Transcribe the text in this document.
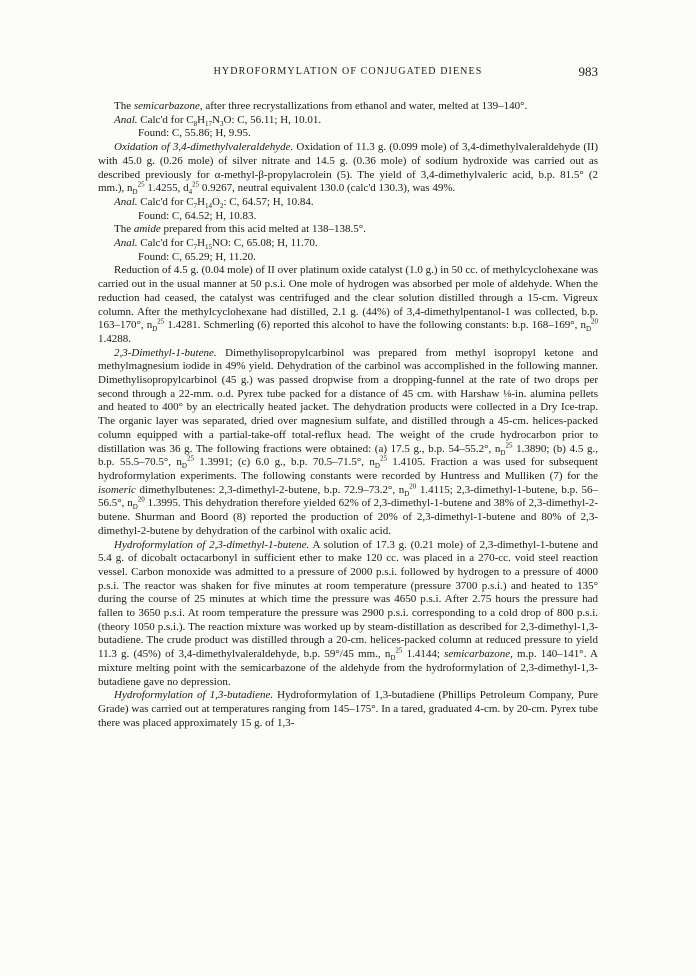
HYDROFORMYLATION OF CONJUGATED DIENES	983

The semicarbazone, after three recrystallizations from ethanol and water, melted at 139–140°.

Anal. Calc'd for $C_8H_{17}N_3O$: C, 56.11; H, 10.01.

Found: C, 55.86; H, 9.95.

Oxidation of 3,4-dimethylvaleraldehyde. Oxidation of 11.3 g. (0.099 mole) of 3,4-dimethylvaleraldehyde (II) with 45.0 g. (0.26 mole) of silver nitrate and 14.5 g. (0.36 mole) of sodium hydroxide was carried out as described previously for α-methyl-β-propylacrolein (5). The yield of 3,4-dimethylvaleric acid, b.p. 81.5° (2 mm.), $n_D^{25}$ 1.4255, $d_4^{25}$ 0.9267, neutral equivalent 130.0 (calc'd 130.3), was 49%.

Anal. Calc'd for $C_7H_{14}O_2$: C, 64.57; H, 10.84.

Found: C, 64.52; H, 10.83.

The amide prepared from this acid melted at 138–138.5°.

Anal. Calc'd for $C_7H_{15}NO$: C, 65.08; H, 11.70.

Found: C, 65.29; H, 11.20.

Reduction of 4.5 g. (0.04 mole) of II over platinum oxide catalyst (1.0 g.) in 50 cc. of methylcyclohexane was carried out in the usual manner at 50 p.s.i. One mole of hydrogen was absorbed per mole of aldehyde. When the reduction had ceased, the catalyst was centrifuged and the clear solution distilled through a 15-cm. Vigreux column. After the methylcyclohexane had distilled, 2.1 g. (44%) of 3,4-dimethylpentanol-1 was collected, b.p. 163–170°, $n_D^{25}$ 1.4281. Schmerling (6) reported this alcohol to have the following constants: b.p. 168–169°, $n_D^{20}$ 1.4288.

2,3-Dimethyl-1-butene. Dimethylisopropylcarbinol was prepared from methyl isopropyl ketone and methylmagnesium iodide in 49% yield. Dehydration of the carbinol was accomplished in the following manner. Dimethylisopropylcarbinol (45 g.) was passed dropwise from a dropping-funnel at the rate of two drops per second through a 22-mm. o.d. Pyrex tube packed for a distance of 45 cm. with Harshaw ⅛-in. alumina pellets and heated to 400° by an electrically heated jacket. The dehydration products were collected in a Dry Ice-trap. The organic layer was separated, dried over magnesium sulfate, and distilled through a 45-cm. helices-packed column equipped with a partial-take-off total-reflux head. The weight of the crude hydrocarbon prior to distillation was 36 g. The following fractions were obtained: (a) 17.5 g., b.p. 54–55.2°, $n_D^{25}$ 1.3890; (b) 4.5 g., b.p. 55.5–70.5°, $n_D^{25}$ 1.3991; (c) 6.0 g., b.p. 70.5–71.5°, $n_D^{25}$ 1.4105. Fraction a was used for subsequent hydroformylation experiments. The following constants were recorded by Huntress and Mulliken (7) for the isomeric dimethylbutenes: 2,3-dimethyl-2-butene, b.p. 72.9–73.2°, $n_D^{20}$ 1.4115; 2,3-dimethyl-1-butene, b.p. 56–56.5°, $n_D^{20}$ 1.3995. This dehydration therefore yielded 62% of 2,3-dimethyl-1-butene and 38% of 2,3-dimethyl-2-butene. Shurman and Boord (8) reported the production of 20% of 2,3-dimethyl-1-butene and 80% of 2,3-dimethyl-2-butene by dehydration of the carbinol with oxalic acid.

Hydroformylation of 2,3-dimethyl-1-butene. A solution of 17.3 g. (0.21 mole) of 2,3-dimethyl-1-butene and 5.4 g. of dicobalt octacarbonyl in sufficient ether to make 120 cc. was placed in a 270-cc. void steel reaction vessel. Carbon monoxide was admitted to a pressure of 2000 p.s.i. followed by hydrogen to a pressure of 4000 p.s.i. The reactor was shaken for five minutes at room temperature (pressure 3700 p.s.i.) and heated to 135° during the course of 25 minutes at which time the pressure was 4650 p.s.i. After 2.75 hours the pressure had fallen to 3650 p.s.i. At room temperature the pressure was 2900 p.s.i. corresponding to a cold drop of 800 p.s.i. (theory 1050 p.s.i.). The reaction mixture was worked up by steam-distillation as described for 2,3-dimethyl-1,3-butadiene. The crude product was distilled through a 20-cm. helices-packed column at reduced pressure to yield 11.3 g. (45%) of 3,4-dimethylvaleraldehyde, b.p. 59°/45 mm., $n_D^{25}$ 1.4144; semicarbazone, m.p. 140–141°. A mixture melting point with the semicarbazone of the aldehyde from the hydroformylation of 2,3-dimethyl-1,3-butadiene gave no depression.

Hydroformylation of 1,3-butadiene. Hydroformylation of 1,3-butadiene (Phillips Petroleum Company, Pure Grade) was carried out at temperatures ranging from 145–175°. In a tared, graduated 4-cm. by 20-cm. Pyrex tube there was placed approximately 15 g. of 1,3-
